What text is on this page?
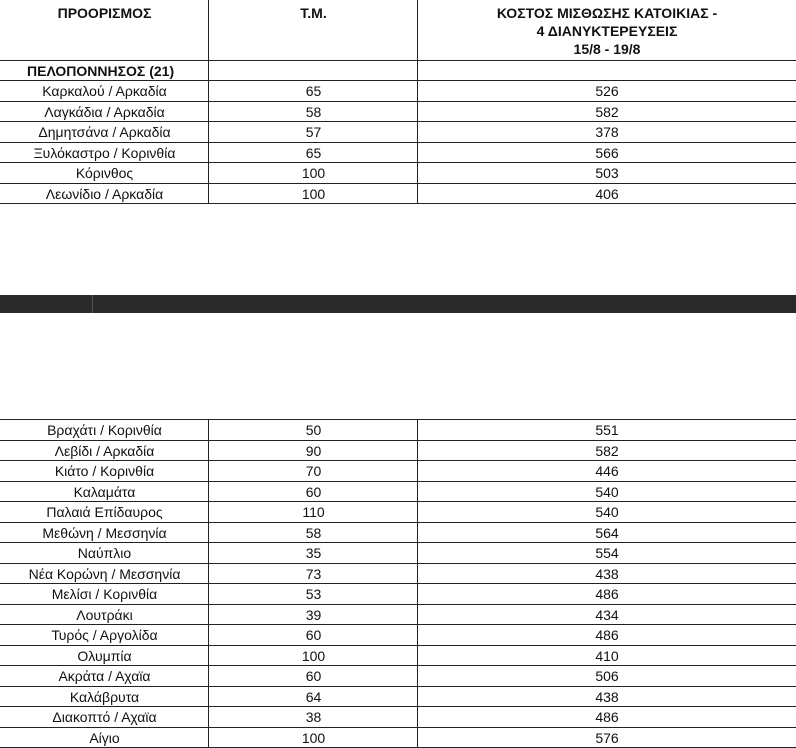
ΠΡΟΟΡΙΣΜΟΣ	Τ.Μ.	ΚΟΣΤΟΣ ΜΙΣΘΩΣΗΣ ΚΑΤΟΙΚΙΑΣ -
4 ΔΙΑΝΥΚΤΕΡΕΥΣΕΙΣ
15/8 - 19/8
ΠΕΛΟΠΟΝΝΗΣΟΣ (21)
Καρκαλού / Αρκαδία	65	526
Λαγκάδια / Αρκαδία	58	582
Δημητσάνα / Αρκαδία	57	378
Ξυλόκαστρο / Κορινθία	65	566
Κόρινθος	100	503
Λεωνίδιο / Αρκαδία	100	406
Βραχάτι / Κορινθία	50	551
Λεβίδι / Αρκαδία	90	582
Κιάτο / Κορινθία	70	446
Καλαμάτα	60	540
Παλαιά Επίδαυρος	110	540
Μεθώνη / Μεσσηνία	58	564
Ναύπλιο	35	554
Νέα Κορώνη / Μεσσηνία	73	438
Μελίσι / Κορινθία	53	486
Λουτράκι	39	434
Τυρός / Αργολίδα	60	486
Ολυμπία	100	410
Ακράτα / Αχαϊα	60	506
Καλάβρυτα	64	438
Διακοπτό / Αχαϊα	38	486
Αίγιο	100	576
